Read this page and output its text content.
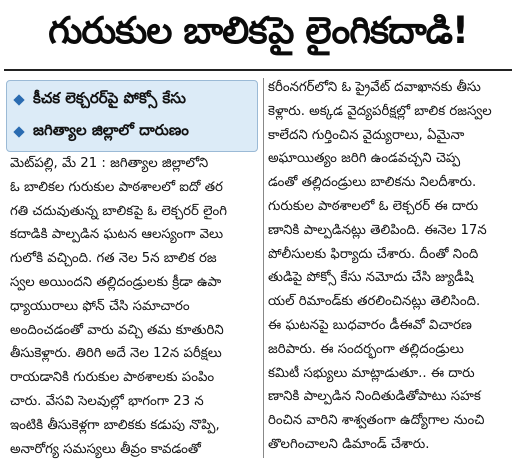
గురుకుల బాలికపై లైంగికదాడి!
కీచక లెక్చరర్‌పై పోక్సో కేసు
జగిత్యాల జిల్లాలో దారుణం
మెట్‌పల్లి, మే 21 : జగిత్యాల జిల్లాలోని
ఓ బాలికల గురుకుల పాఠశాలలో ఐదో తర
గతి చదువుతున్న బాలికపై ఓ లెక్చరర్ లైంగి
కదాడికి పాల్పడిన ఘటన ఆలస్యంగా వెలు
గులోకి వచ్చింది. గత నెల 5న బాలిక రజ
స్వల అయిందని తల్లిదండ్రులకు క్రీడా ఉపా
ధ్యాయురాలు ఫోన్ చేసి సమాచారం
అందించడంతో వారు వచ్చి తమ కూతురిని
తీసుకెళ్లారు. తిరిగి అదే నెల 12న పరీక్షలు
రాయడానికి గురుకుల పాఠశాలకు పంపిం
చారు. వేసవి సెలవుల్లో భాగంగా 23 న
ఇంటికి తీసుకెళ్లగా బాలికకు కడుపు నొప్పి,
అనారోగ్య సమస్యలు తీవ్రం కావడంతో
కరీంనగర్‌లోని ఓ ప్రైవేట్ దవాఖానకు తీసు
కెళ్లారు. అక్కడ వైద్యపరీక్షల్లో బాలిక రజస్వల
కాలేదని గుర్తించిన వైద్యురాలు, ఏమైనా
అఘాయిత్యం జరిగి ఉండవచ్చని చెప్ప
డంతో తల్లిదండ్రులు బాలికను నిలదీశారు.
గురుకుల పాఠశాలలో ఓ లెక్చరర్ ఈ దారు
ణానికి పాల్పడినట్లు తెలిపింది. ఈనెల 17న
పోలీసులకు ఫిర్యాదు చేశారు. దీంతో నింది
తుడిపై పోక్సో కేసు నమోదు చేసి జ్యుడీషి
యల్ రిమాండ్‌కు తరలించినట్లు తెలిసింది.
ఈ ఘటనపై బుధవారం డీఈవో విచారణ
జరిపారు. ఈ సందర్భంగా తల్లిదండ్రులు
కమిటీ సభ్యులు మాట్లాడుతూ.. ఈ దారు
ణానికి పాల్పడిన నిందితుడితోపాటు సహక
రించిన వారిని శాశ్వతంగా ఉద్యోగాల నుంచి
తొలగించాలని డిమాండ్ చేశారు.
